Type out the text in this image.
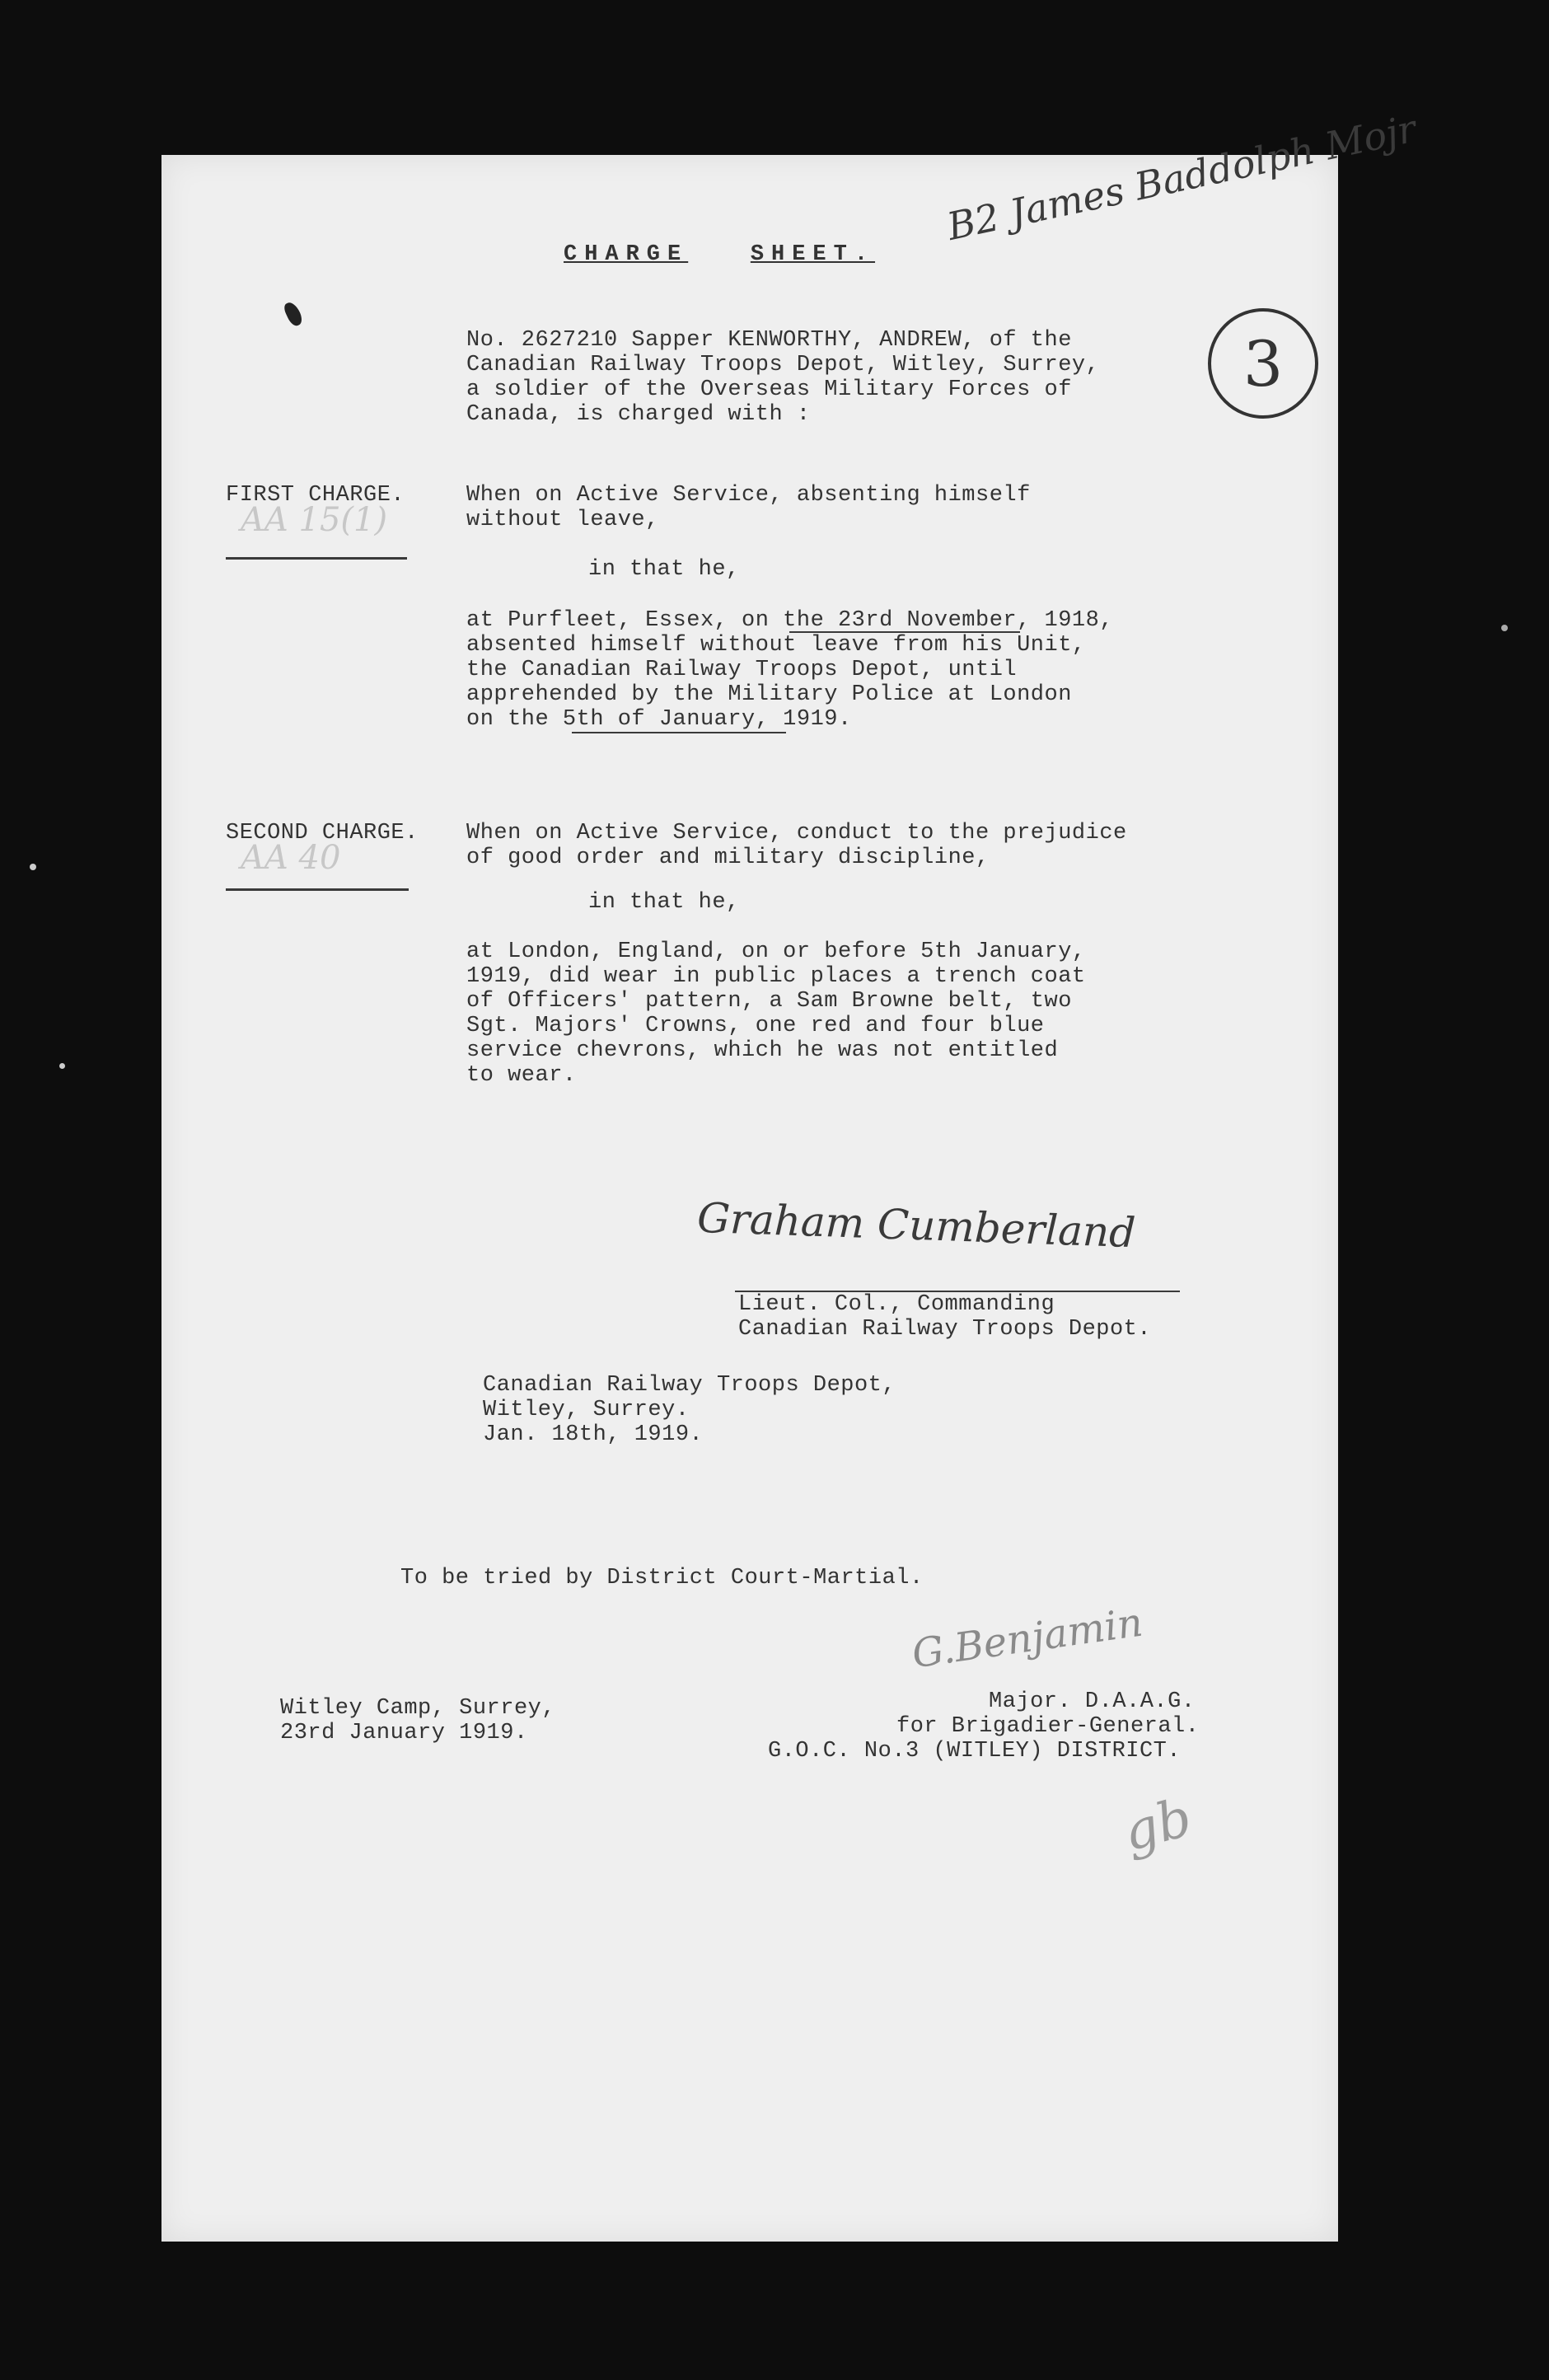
CHARGE	SHEET.
B2 James Baddolph Mojr
3
No. 2627210 Sapper KENWORTHY, ANDREW, of the
Canadian Railway Troops Depot, Witley, Surrey,
a soldier of the Overseas Military Forces of
Canada, is charged with :
FIRST CHARGE.
AA 15(1)
When on Active Service, absenting himself
without leave,
in that he,
at Purfleet, Essex, on the 23rd November, 1918,
absented himself without leave from his Unit,
the Canadian Railway Troops Depot, until
apprehended by the Military Police at London
on the 5th of January, 1919.
SECOND CHARGE.
AA 40
When on Active Service, conduct to the prejudice
of good order and military discipline,
in that he,
at London, England, on or before 5th January,
1919, did wear in public places a trench coat
of Officers' pattern, a Sam Browne belt, two
Sgt. Majors' Crowns, one red and four blue
service chevrons, which he was not entitled
to wear.
Graham Cumberland
Lieut. Col., Commanding
Canadian Railway Troops Depot.
Canadian Railway Troops Depot,
Witley, Surrey.
Jan. 18th, 1919.
To be tried by District Court-Martial.
G.Benjamin
Witley Camp, Surrey,
23rd January 1919.
Major. D.A.A.G.
for Brigadier-General.
G.O.C. No.3 (WITLEY) DISTRICT.
gb
